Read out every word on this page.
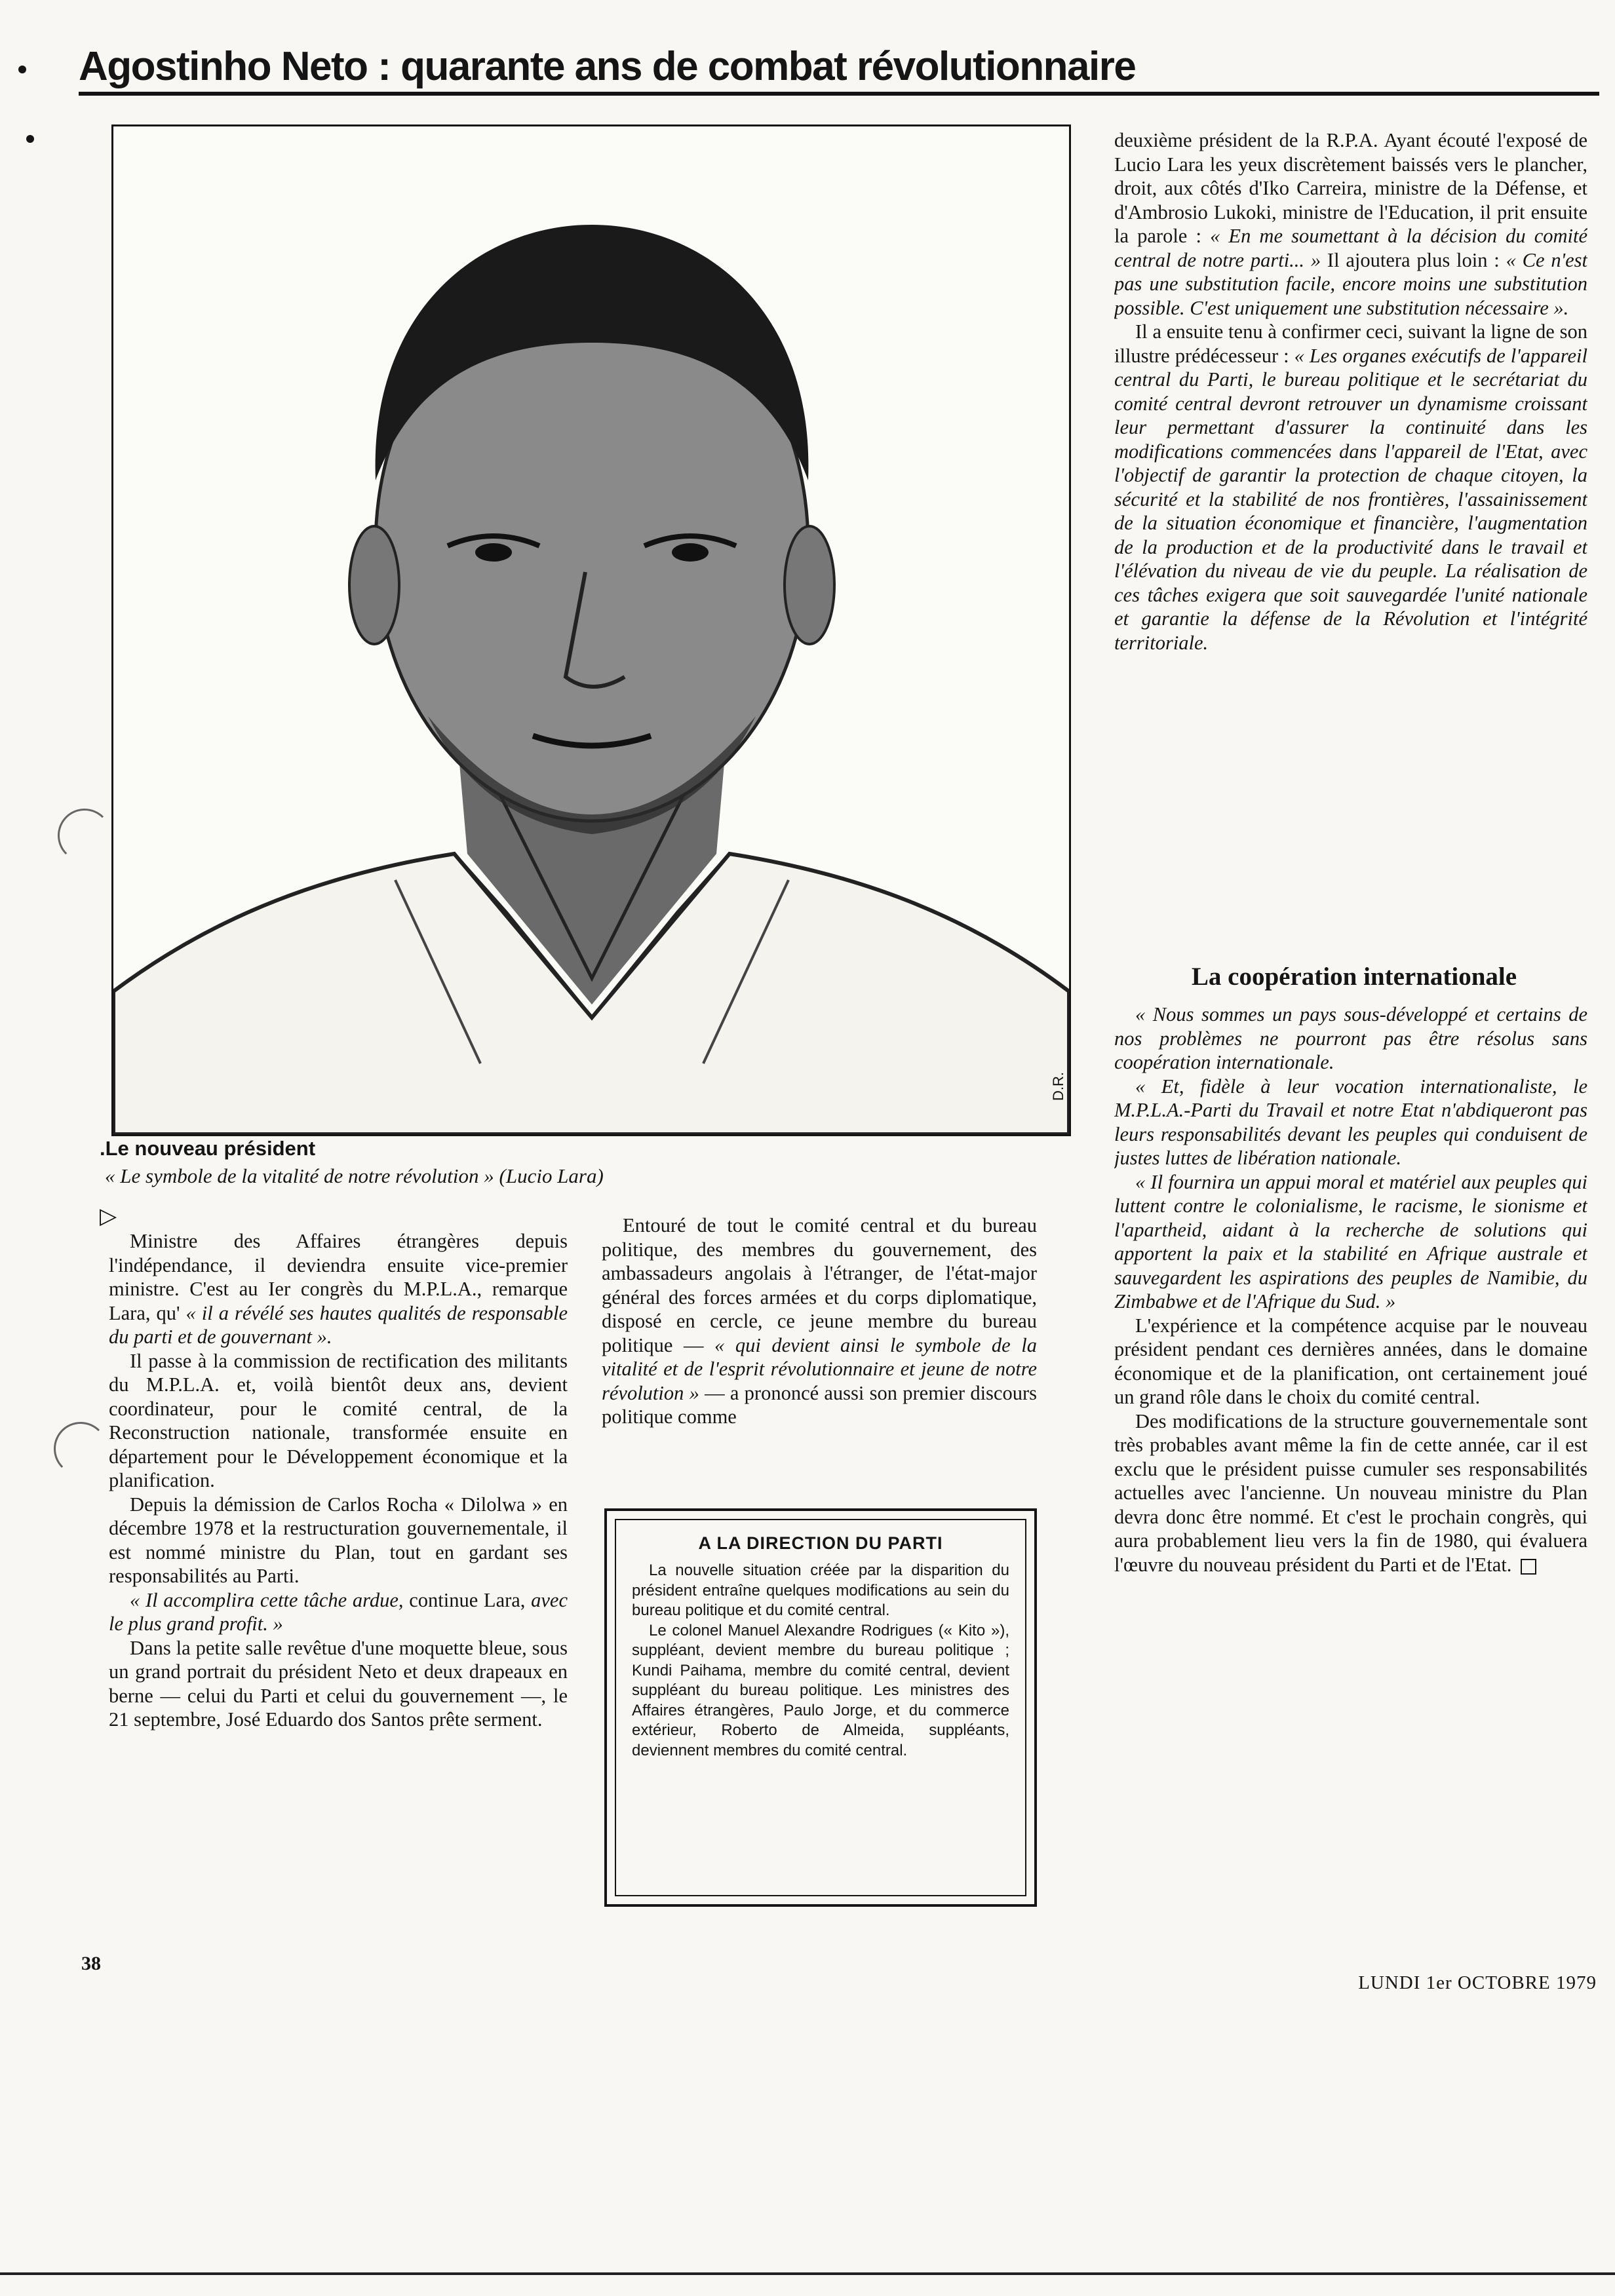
Agostinho Neto : quarante ans de combat révolutionnaire
D.R.
.Le nouveau président
« Le symbole de la vitalité de notre révolution » (Lucio Lara)
▷

Ministre des Affaires étrangères depuis l'indépendance, il deviendra ensuite vice-premier ministre. C'est au Ier congrès du M.P.L.A., remarque Lara, qu' « il a révélé ses hautes qualités de responsable du parti et de gouvernant ».

Il passe à la commission de rectification des militants du M.P.L.A. et, voilà bientôt deux ans, devient coordinateur, pour le comité central, de la Reconstruction nationale, transformée ensuite en département pour le Développement économique et la planification.

Depuis la démission de Carlos Rocha « Dilolwa » en décembre 1978 et la restructuration gouvernementale, il est nommé ministre du Plan, tout en gardant ses responsabilités au Parti.

« Il accomplira cette tâche ardue, continue Lara, avec le plus grand profit. »

Dans la petite salle revêtue d'une moquette bleue, sous un grand portrait du président Neto et deux drapeaux en berne — celui du Parti et celui du gouvernement —, le 21 septembre, José Eduardo dos Santos prête serment.

Entouré de tout le comité central et du bureau politique, des membres du gouvernement, des ambassadeurs angolais à l'étranger, de l'état-major général des forces armées et du corps diplomatique, disposé en cercle, ce jeune membre du bureau politique — « qui devient ainsi le symbole de la vitalité et de l'esprit révolutionnaire et jeune de notre révolution » — a prononcé aussi son premier discours politique comme

A LA DIRECTION DU PARTI

La nouvelle situation créée par la disparition du président entraîne quelques modifications au sein du bureau politique et du comité central.

Le colonel Manuel Alexandre Rodrigues (« Kito »), suppléant, devient membre du bureau politique ; Kundi Paihama, membre du comité central, devient suppléant du bureau politique. Les ministres des Affaires étrangères, Paulo Jorge, et du commerce extérieur, Roberto de Almeida, suppléants, deviennent membres du comité central.

deuxième président de la R.P.A. Ayant écouté l'exposé de Lucio Lara les yeux discrètement baissés vers le plancher, droit, aux côtés d'Iko Carreira, ministre de la Défense, et d'Ambrosio Lukoki, ministre de l'Education, il prit ensuite la parole : « En me soumettant à la décision du comité central de notre parti... » Il ajoutera plus loin : « Ce n'est pas une substitution facile, encore moins une substitution possible. C'est uniquement une substitution nécessaire ».

Il a ensuite tenu à confirmer ceci, suivant la ligne de son illustre prédécesseur : « Les organes exécutifs de l'appareil central du Parti, le bureau politique et le secrétariat du comité central devront retrouver un dynamisme croissant leur permettant d'assurer la continuité dans les modifications commencées dans l'appareil de l'Etat, avec l'objectif de garantir la protection de chaque citoyen, la sécurité et la stabilité de nos frontières, l'assainissement de la situation économique et financière, l'augmentation de la production et de la productivité dans le travail et l'élévation du niveau de vie du peuple. La réalisation de ces tâches exigera que soit sauvegardée l'unité nationale et garantie la défense de la Révolution et l'intégrité territoriale.

La coopération internationale

« Nous sommes un pays sous-développé et certains de nos problèmes ne pourront pas être résolus sans coopération internationale.

« Et, fidèle à leur vocation internationaliste, le M.P.L.A.-Parti du Travail et notre Etat n'abdiqueront pas leurs responsabilités devant les peuples qui conduisent de justes luttes de libération nationale.

« Il fournira un appui moral et matériel aux peuples qui luttent contre le colonialisme, le racisme, le sionisme et l'apartheid, aidant à la recherche de solutions qui apportent la paix et la stabilité en Afrique australe et sauvegardent les aspirations des peuples de Namibie, du Zimbabwe et de l'Afrique du Sud. »

L'expérience et la compétence acquise par le nouveau président pendant ces dernières années, dans le domaine économique et de la planification, ont certainement joué un grand rôle dans le choix du comité central.

Des modifications de la structure gouvernementale sont très probables avant même la fin de cette année, car il est exclu que le président puisse cumuler ses responsabilités actuelles avec l'ancienne. Un nouveau ministre du Plan devra donc être nommé. Et c'est le prochain congrès, qui aura probablement lieu vers la fin de 1980, qui évaluera l'œuvre du nouveau président du Parti et de l'Etat.

38
LUNDI 1er OCTOBRE 1979
